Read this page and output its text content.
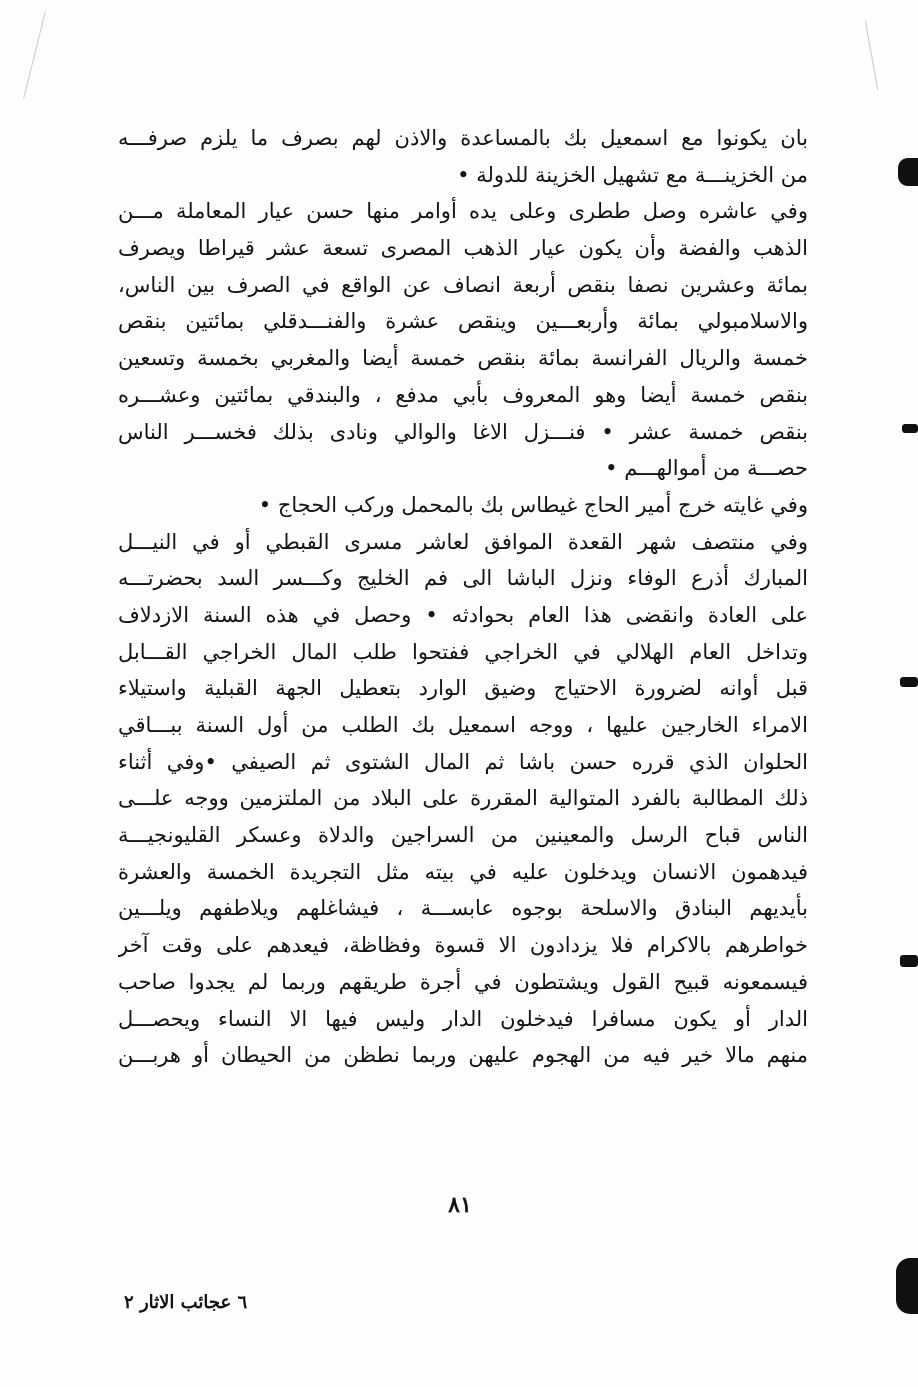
بان يكونوا مع اسمعيل بك بالمساعدة والاذن لهم بصرف ما يلزم صرفـــه
من الخزينـــة مع تشهيل الخزينة للدولة •
وفي عاشره وصل ططرى وعلى يده أوامر منها حسن عيار المعاملة مـــن
الذهب والفضة وأن يكون عيار الذهب المصرى تسعة عشر قيراطا ويصرف
بمائة وعشرين نصفا بنقص أربعة انصاف عن الواقع في الصرف بين الناس،
والاسلامبولي بمائة وأربعـــين وينقص عشرة والفنـــدقلي بمائتين بنقص
خمسة والريال الفرانسة بمائة بنقص خمسة أيضا والمغربي بخمسة وتسعين
بنقص خمسة أيضا وهو المعروف بأبي مدفع ، والبندقي بمائتين وعشـــره
بنقص خمسة عشر • فنـــزل الاغا والوالي ونادى بذلك فخســـر الناس
حصـــة من أموالهـــم •
وفي غايته خرج أمير الحاج غيطاس بك بالمحمل وركب الحجاج •
وفي منتصف شهر القعدة الموافق لعاشر مسرى القبطي أو في النيـــل
المبارك أذرع الوفاء ونزل الباشا الى فم الخليج وكـــسر السد بحضرتـــه
على العادة وانقضى هذا العام بحوادثه • وحصل في هذه السنة الازدلاف
وتداخل العام الهلالي في الخراجي ففتحوا طلب المال الخراجي القـــابل
قبل أوانه لضرورة الاحتياج وضيق الوارد بتعطيل الجهة القبلية واستيلاء
الامراء الخارجين عليها ، ووجه اسمعيل بك الطلب من أول السنة ببـــاقي
الحلوان الذي قرره حسن باشا ثم المال الشتوى ثم الصيفي •وفي أثناء
ذلك المطالبة بالفرد المتوالية المقررة على البلاد من الملتزمين ووجه علـــى
الناس قباح الرسل والمعينين من السراجين والدلاة وعسكر القليونجيـــة
فيدهمون الانسان ويدخلون عليه في بيته مثل التجريدة الخمسة والعشرة
بأيديهم البنادق والاسلحة بوجوه عابســـة ، فيشاغلهم ويلاطفهم ويلـــين
خواطرهم بالاكرام فلا يزدادون الا قسوة وفظاظة، فيعدهم على وقت آخر
فيسمعونه قبيح القول ويشتطون في أجرة طريقهم وربما لم يجدوا صاحب
الدار أو يكون مسافرا فيدخلون الدار وليس فيها الا النساء ويحصـــل
منهم مالا خير فيه من الهجوم عليهن وربما نطظن من الحيطان أو هربـــن
٨١
٦ عجائب الاثار ٢
